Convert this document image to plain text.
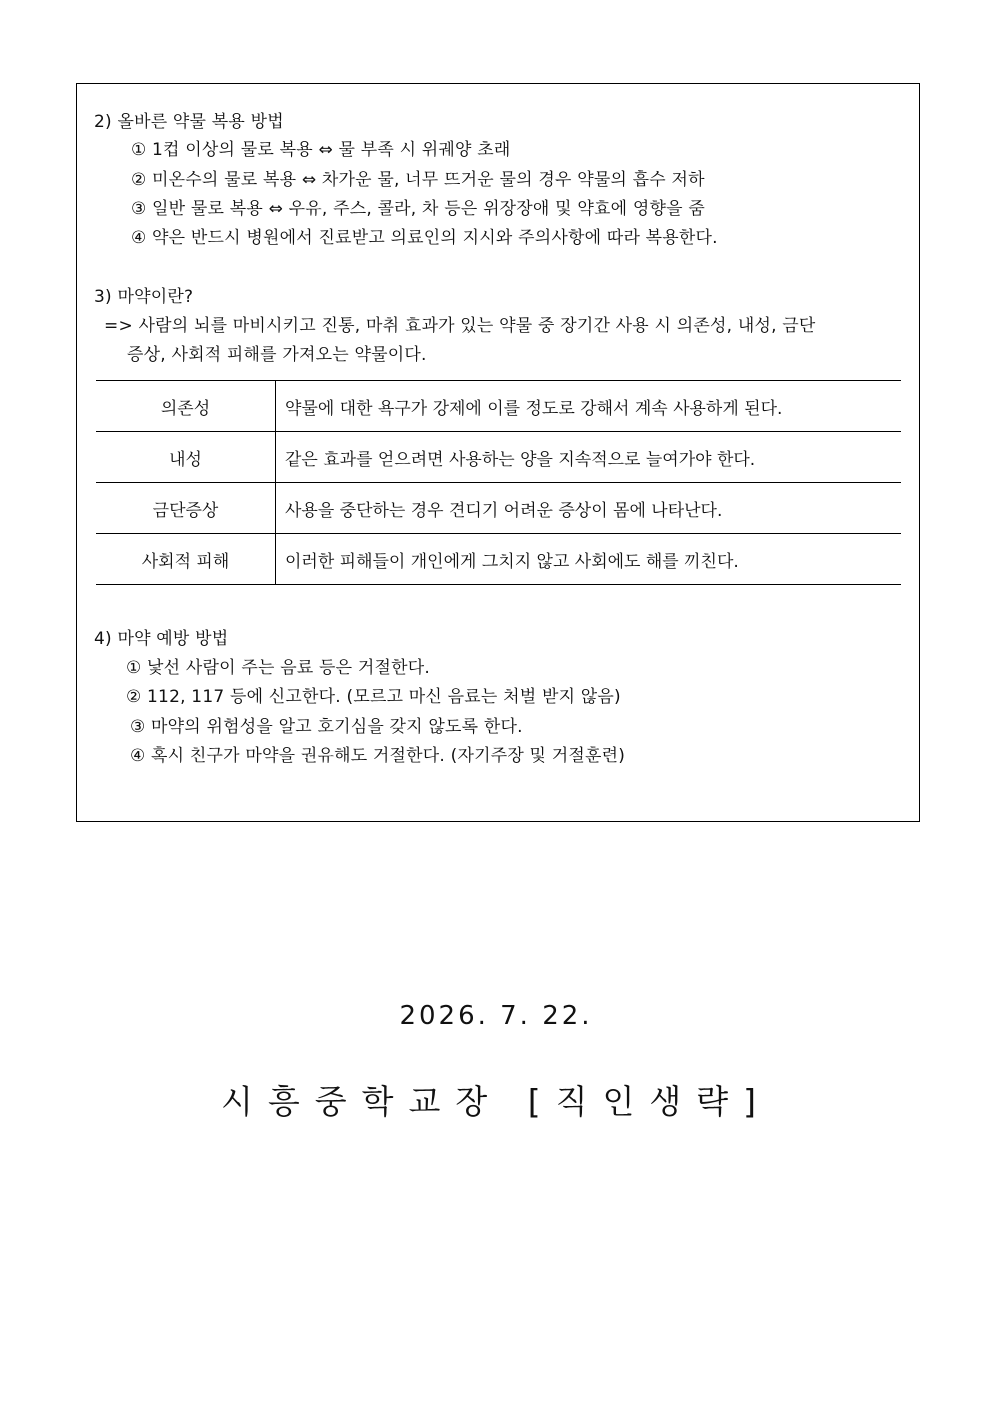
2) 올바른 약물 복용 방법
① 1컵 이상의 물로 복용 ⇔ 물 부족 시 위궤양 초래
② 미온수의 물로 복용 ⇔ 차가운 물, 너무 뜨거운 물의 경우 약물의 흡수 저하
③ 일반 물로 복용 ⇔ 우유, 주스, 콜라, 차 등은 위장장애 및 약효에 영향을 줌
④ 약은 반드시 병원에서 진료받고 의료인의 지시와 주의사항에 따라 복용한다.
3) 마약이란?
=> 사람의 뇌를 마비시키고 진통, 마취 효과가 있는 약물 중 장기간 사용 시 의존성, 내성, 금단
증상, 사회적 피해를 가져오는 약물이다.
의존성	약물에 대한 욕구가 강제에 이를 정도로 강해서 계속 사용하게 된다.
내성	같은 효과를 얻으려면 사용하는 양을 지속적으로 늘여가야 한다.
금단증상	사용을 중단하는 경우 견디기 어려운 증상이 몸에 나타난다.
사회적 피해	이러한 피해들이 개인에게 그치지 않고 사회에도 해를 끼친다.
4) 마약 예방 방법
① 낯선 사람이 주는 음료 등은 거절한다.
② 112, 117 등에 신고한다. (모르고 마신 음료는 처벌 받지 않음)
③ 마약의 위험성을 알고 호기심을 갖지 않도록 한다.
④ 혹시 친구가 마약을 권유해도 거절한다. (자기주장 및 거절훈련)
2026. 7. 22.
시흥중학교장 [직인생략]
